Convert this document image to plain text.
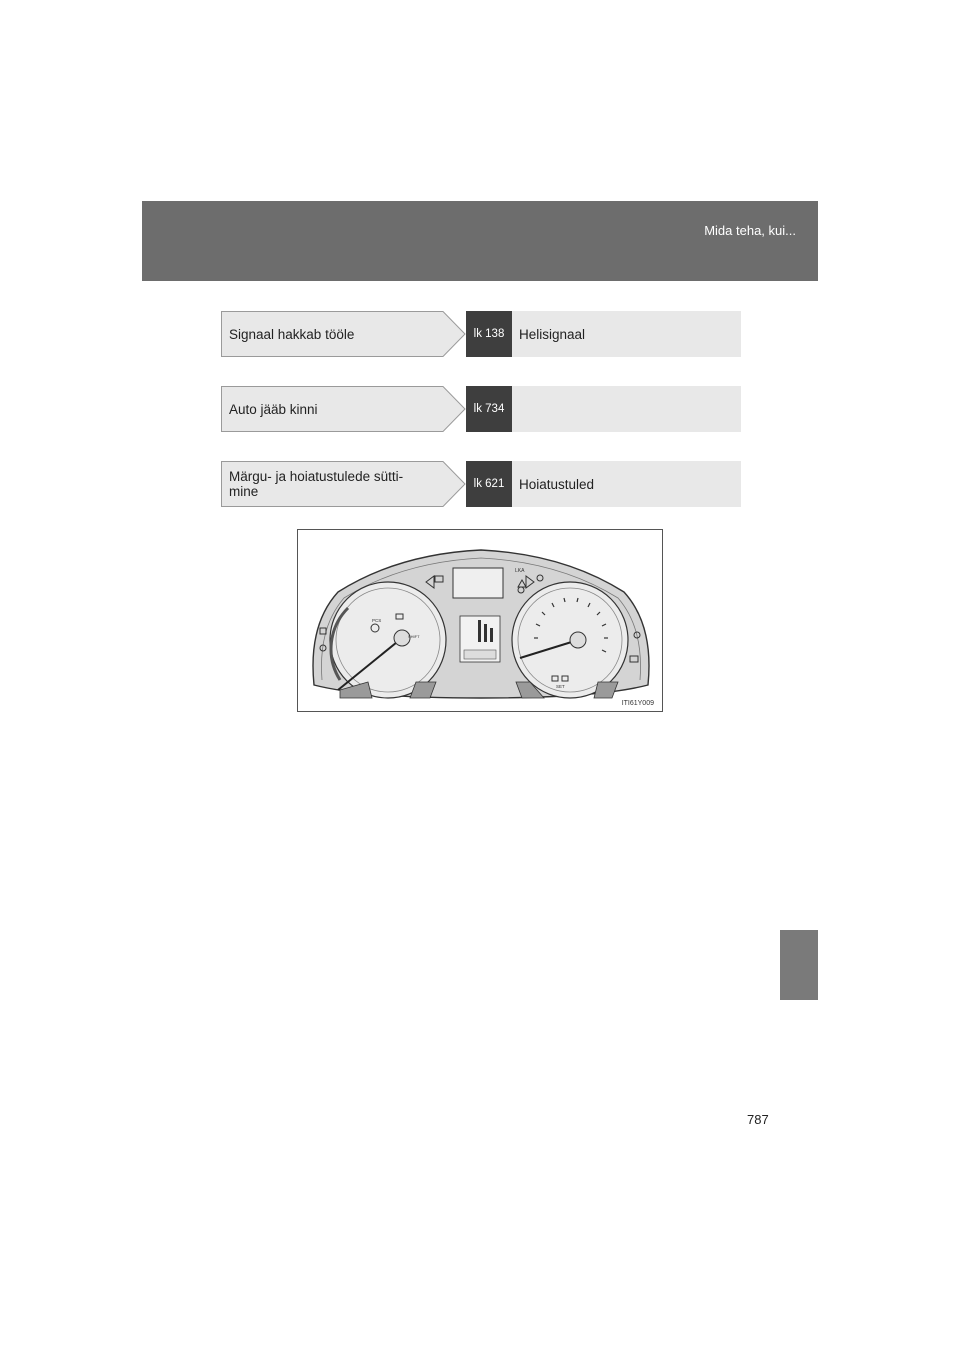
Mida teha, kui...
Signaal hakkab tööle	lk 138	Helisignaal
Auto jääb kinni	lk 734
Märgu- ja hoiatustulede sütti-
mine	lk 621	Hoiatustuled
LKA
PCS
SET
SHIFT
ITI61Y009
787
